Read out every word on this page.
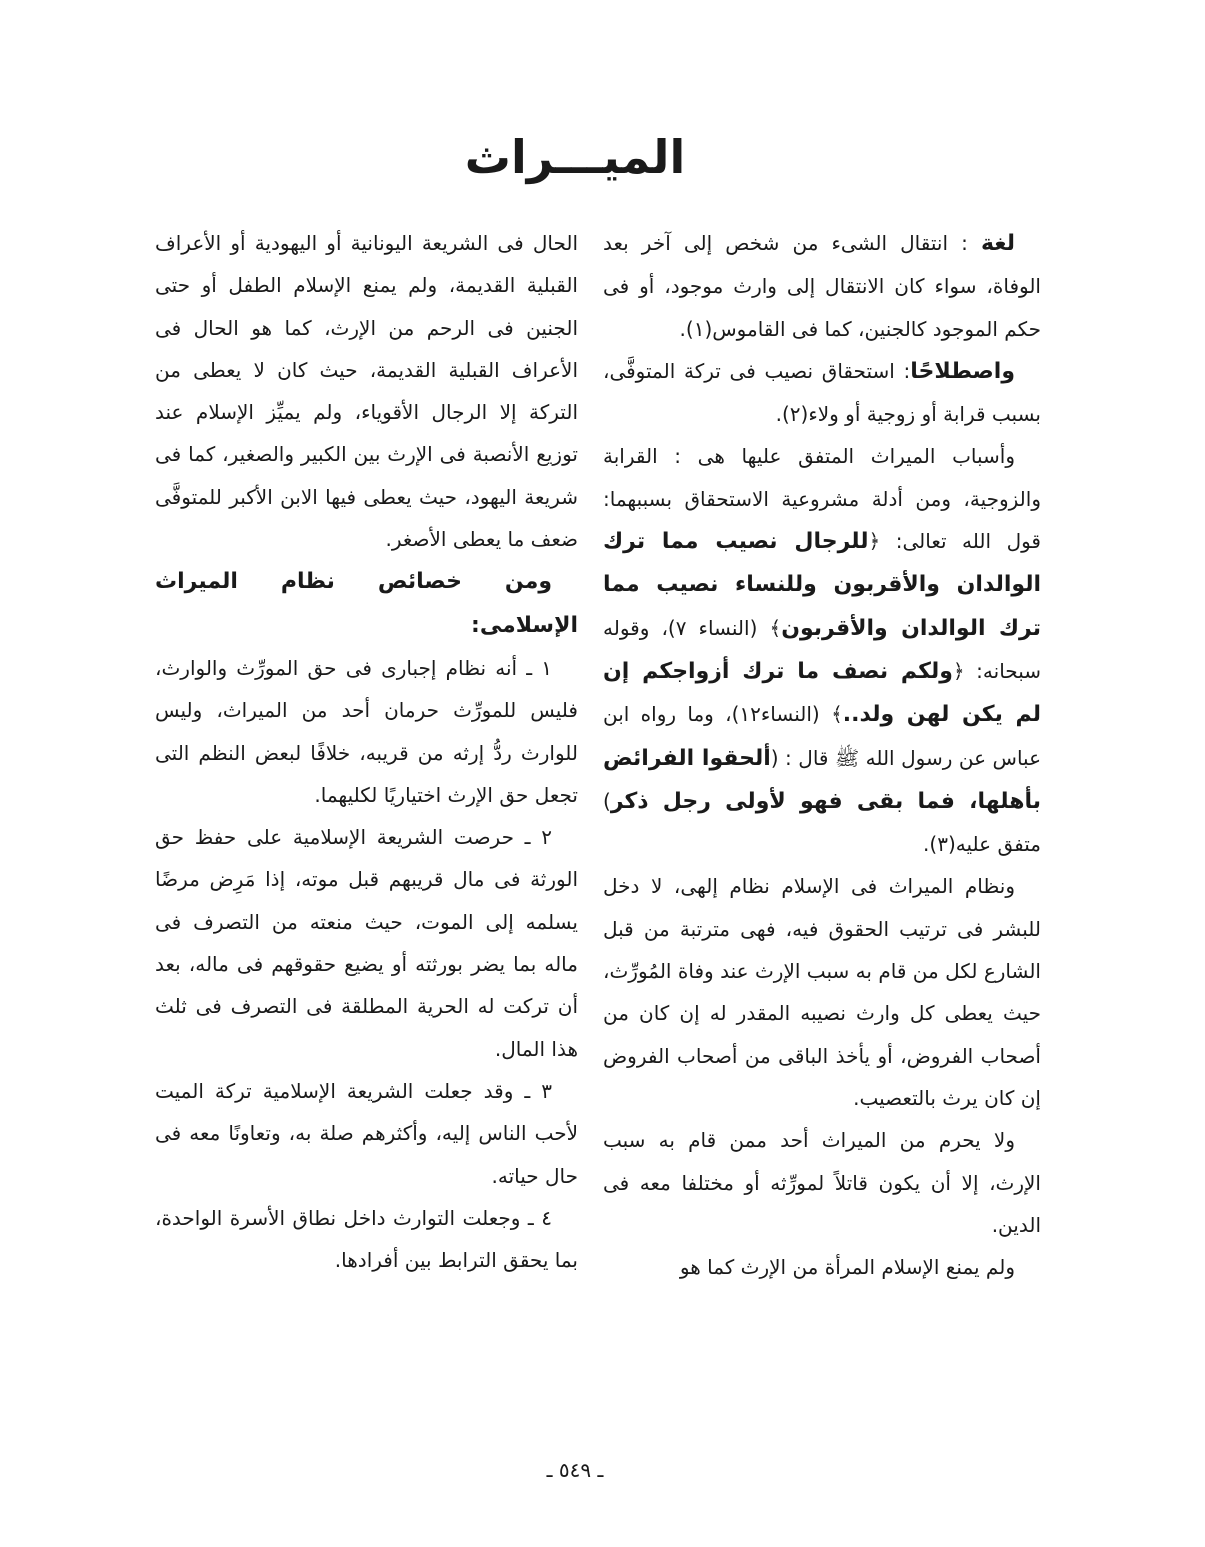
الميـــراث

لغة : انتقال الشىء من شخص إلى آخر بعد الوفاة، سواء كان الانتقال إلى وارث موجود، أو فى حكم الموجود كالجنين، كما فى القاموس(١).

واصطلاحًا: استحقاق نصيب فى تركة المتوفَّى، بسبب قرابة أو زوجية أو ولاء(٢).

وأسباب الميراث المتفق عليها هى : القرابة والزوجية، ومن أدلة مشروعية الاستحقاق بسببهما: قول الله تعالى: ﴿للرجال نصيب مما ترك الوالدان والأقربون وللنساء نصيب مما ترك الوالدان والأقربون﴾ (النساء ٧)، وقوله سبحانه: ﴿ولكم نصف ما ترك أزواجكم إن لم يكن لهن ولد..﴾ (النساء١٢)، وما رواه ابن عباس عن رسول الله ﷺ قال : (ألحقوا الفرائض بأهلها، فما بقى فهو لأولى رجل ذكر) متفق عليه(٣).

ونظام الميراث فى الإسلام نظام إلهى، لا دخل للبشر فى ترتيب الحقوق فيه، فهى مترتبة من قبل الشارع لكل من قام به سبب الإرث عند وفاة المُورِّث، حيث يعطى كل وارث نصيبه المقدر له إن كان من أصحاب الفروض، أو يأخذ الباقى من أصحاب الفروض إن كان يرث بالتعصيب.

ولا يحرم من الميراث أحد ممن قام به سبب الإرث، إلا أن يكون قاتلاً لمورِّثه أو مختلفا معه فى الدين.

ولم يمنع الإسلام المرأة من الإرث كما هو

الحال فى الشريعة اليونانية أو اليهودية أو الأعراف القبلية القديمة، ولم يمنع الإسلام الطفل أو حتى الجنين فى الرحم من الإرث، كما هو الحال فى الأعراف القبلية القديمة، حيث كان لا يعطى من التركة إلا الرجال الأقوياء، ولم يميِّز الإسلام عند توزيع الأنصبة فى الإرث بين الكبير والصغير، كما فى شريعة اليهود، حيث يعطى فيها الابن الأكبر للمتوفَّى ضعف ما يعطى الأصغر.

ومن خصائص نظام الميراث الإسلامى:

١ ـ أنه نظام إجبارى فى حق المورِّث والوارث، فليس للمورِّث حرمان أحد من الميراث، وليس للوارث ردُّ إرثه من قريبه، خلافًا لبعض النظم التى تجعل حق الإرث اختياريًا لكليهما.

٢ ـ حرصت الشريعة الإسلامية على حفظ حق الورثة فى مال قريبهم قبل موته، إذا مَرِض مرضًا يسلمه إلى الموت، حيث منعته من التصرف فى ماله بما يضر بورثته أو يضيع حقوقهم فى ماله، بعد أن تركت له الحرية المطلقة فى التصرف فى ثلث هذا المال.

٣ ـ وقد جعلت الشريعة الإسلامية تركة الميت لأحب الناس إليه، وأكثرهم صلة به، وتعاونًا معه فى حال حياته.

٤ ـ وجعلت التوارث داخل نطاق الأسرة الواحدة، بما يحقق الترابط بين أفرادها.

ـ ٥٤٩ ـ
